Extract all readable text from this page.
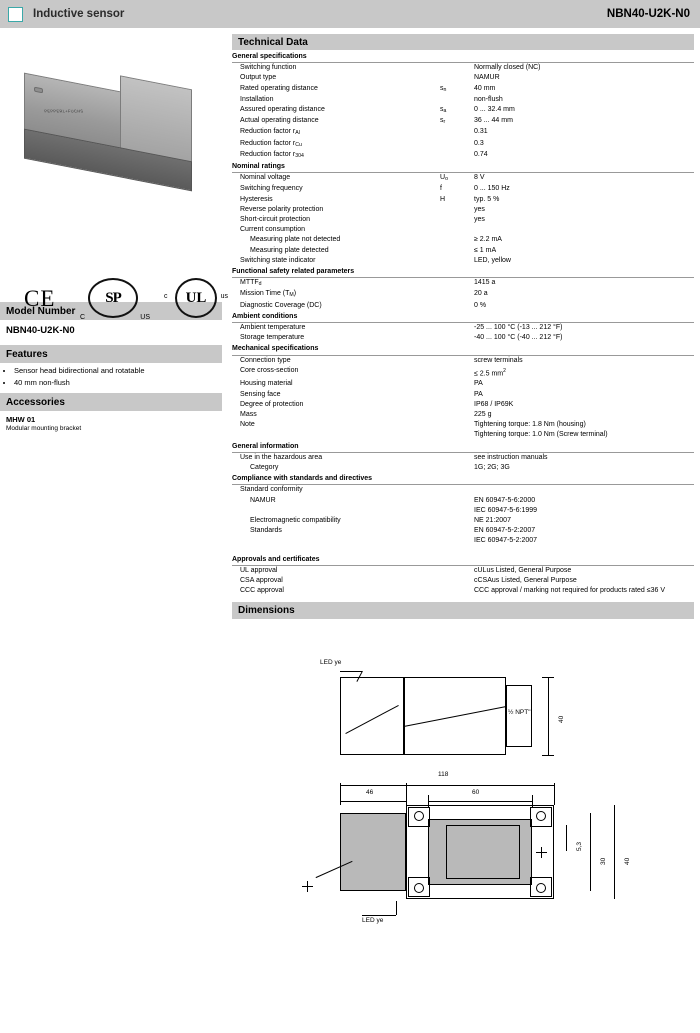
Inductive sensor	NBN40-U2K-N0
PEPPERL+FUCHS
CE	SP
C	US
UL
c	us
Model Number
NBN40-U2K-N0
Features
• Sensor head bidirectional and rotatable
• 40 mm non-flush
Accessories
MHW 01
Modular mounting bracket
Technical Data
General specifications		
Switching function		Normally closed (NC)
Output type		NAMUR
Rated operating distance	sn	40 mm
Installation		non-flush
Assured operating distance	sa	0 ... 32.4 mm
Actual operating distance	sr	36 ... 44 mm
Reduction factor rAl		0.31
Reduction factor rCu		0.3
Reduction factor r304		0.74
Nominal ratings		
Nominal voltage	Uo	8 V
Switching frequency	f	0 ... 150 Hz
Hysteresis	H	typ. 5 %
Reverse polarity protection		yes
Short-circuit protection		yes
Current consumption		
Measuring plate not detected		≥ 2.2 mA
Measuring plate detected		≤ 1 mA
Switching state indicator		LED, yellow
Functional safety related parameters		
MTTFd		1415 a
Mission Time (TM)		20 a
Diagnostic Coverage (DC)		0 %
Ambient conditions		
Ambient temperature		-25 ... 100 °C (-13 ... 212 °F)
Storage temperature		-40 ... 100 °C (-40 ... 212 °F)
Mechanical specifications		
Connection type		screw terminals
Core cross-section		≤ 2.5 $mm^2$
Housing material		PA
Sensing face		PA
Degree of protection		IP68 / IP69K
Mass		225 g
Note		Tightening torque: 1.8 Nm (housing)
		Tightening torque: 1.0 Nm (Screw terminal)
General information		
Use in the hazardous area		see instruction manuals
Category		1G; 2G; 3G
Compliance with standards and directives		
Standard conformity		
NAMUR		EN 60947-5-6:2000
		IEC 60947-5-6:1999
Electromagnetic compatibility		NE 21:2007
Standards		EN 60947-5-2:2007
		IEC 60947-5-2:2007

Approvals and certificates		
UL approval		cULus Listed, General Purpose
CSA approval		cCSAus Listed, General Purpose
CCC approval		CCC approval / marking not required for products rated ≤36 V
Dimensions
LED ye
½ NPT"
40
118
46	60
5,3
30	40
LED ye
